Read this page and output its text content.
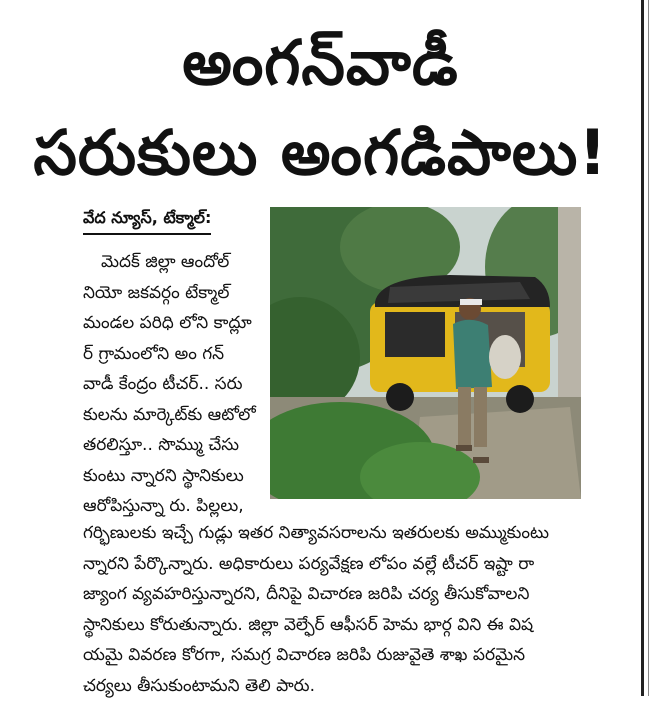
అంగన్‌వాడీ
సరుకులు అంగడిపాలు!
వేద న్యూస్, టేక్మాల్:
మెదక్ జిల్లా ఆందోల్
నియో జకవర్గం టేక్మాల్
మండల పరిధి లోని కాద్లూ
ర్ గ్రామంలోని అం గన్
వాడీ కేంద్రం టీచర్.. సరు
కులను మార్కెట్‌కు ఆటోలో
తరలిస్తూ.. సొమ్ము చేసు
కుంటు న్నారని స్థానికులు
ఆరోపిస్తున్నా రు. పిల్లలు,
గర్భిణులకు ఇచ్చే గుడ్లు ఇతర నిత్యావసరాలను ఇతరులకు అమ్ముకుంటు
న్నారని పేర్కొన్నారు. అధికారులు పర్యవేక్షణ లోపం వల్లే టీచర్ ఇష్టా రా
జ్యాంగ వ్యవహరిస్తున్నారని, దీనిపై విచారణ జరిపి చర్య తీసుకోవాలని
స్థానికులు కోరుతున్నారు. జిల్లా వెల్ఫేర్ ఆఫీసర్ హెమ భార్గ విని ఈ విష
యమై వివరణ కోరగా, సమగ్ర విచారణ జరిపి రుజువైతె శాఖ పరమైన
చర్యలు తీసుకుంటామని తెలి పారు.
